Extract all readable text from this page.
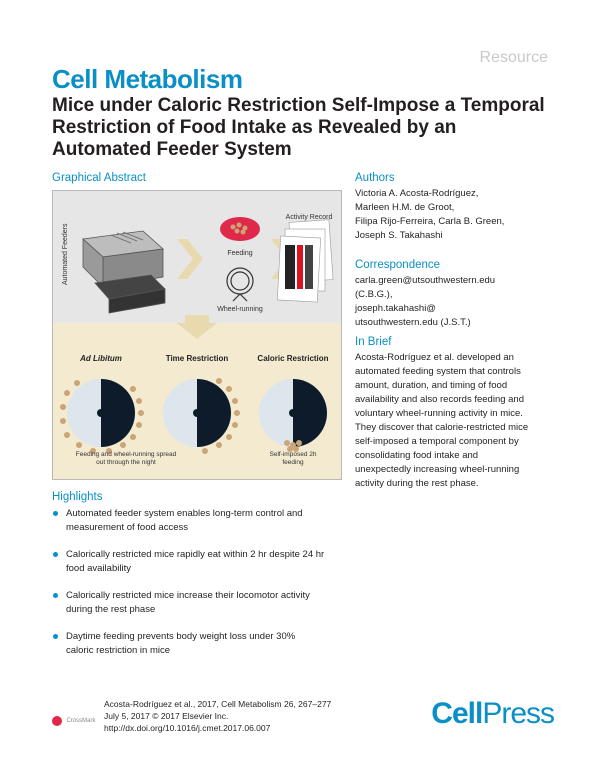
Resource
Cell Metabolism
Mice under Caloric Restriction Self-Impose a Temporal Restriction of Food Intake as Revealed by an Automated Feeder System
Graphical Abstract
Automated Feeders	Feeding
Wheel-running
Activity Record
Ad Libitum	Time Restriction	Caloric Restriction
Feeding and wheel-running spread out through the night
Self-imposed 2h feeding
Authors
Victoria A. Acosta-Rodríguez,
Marleen H.M. de Groot,
Filipa Rijo-Ferreira, Carla B. Green,
Joseph S. Takahashi
Correspondence
carla.green@utsouthwestern.edu
(C.B.G.),
joseph.takahashi@
utsouthwestern.edu (J.S.T.)
In Brief
Acosta-Rodríguez et al. developed an
automated feeding system that controls
amount, duration, and timing of food
availability and also records feeding and
voluntary wheel-running activity in mice.
They discover that calorie-restricted mice
self-imposed a temporal component by
consolidating food intake and
unexpectedly increasing wheel-running
activity during the rest phase.
Highlights
Automated feeder system enables long-term control and
measurement of food access
Calorically restricted mice rapidly eat within 2 hr despite 24 hr
food availability
Calorically restricted mice increase their locomotor activity
during the rest phase
Daytime feeding prevents body weight loss under 30%
caloric restriction in mice
Acosta-Rodríguez et al., 2017, Cell Metabolism 26, 267–277
CrossMark July 5, 2017 © 2017 Elsevier Inc.
http://dx.doi.org/10.1016/j.cmet.2017.06.007	CellPress
